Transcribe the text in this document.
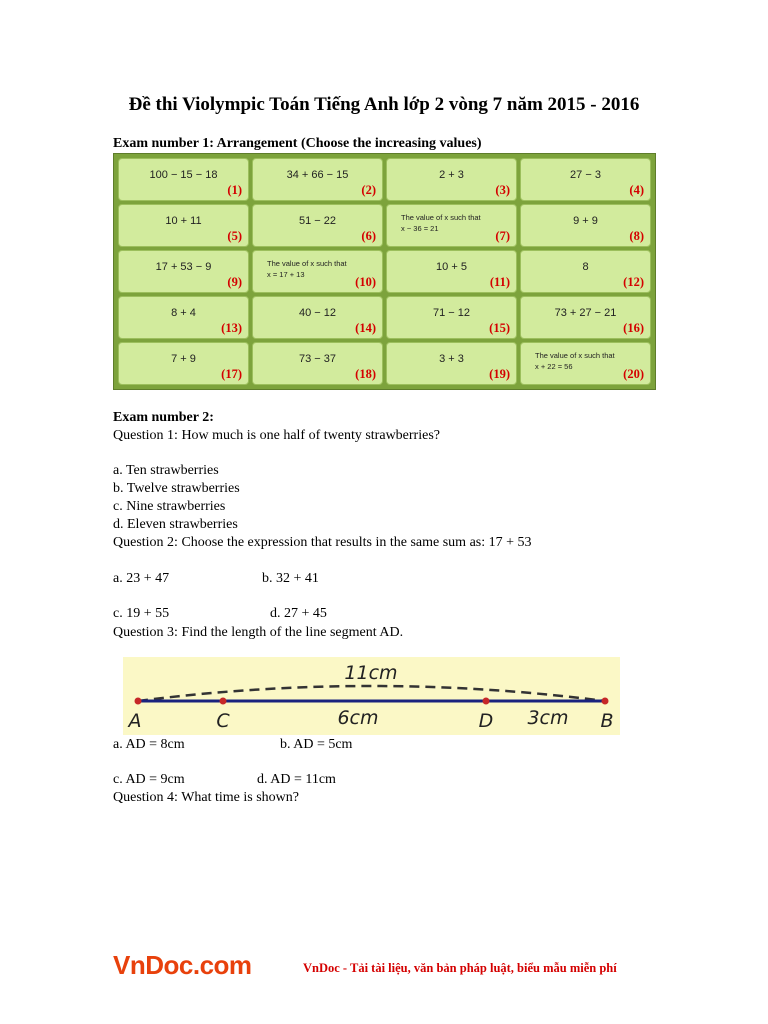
Đề thi Violympic Toán Tiếng Anh lớp 2 vòng 7 năm 2015 - 2016
Exam number 1: Arrangement (Choose the increasing values)
100 − 15 − 18
(1)
34 + 66 − 15
(2)
2 + 3
(3)
27 − 3
(4)
10 + 11
(5)
51 − 22
(6)
The value of x such that
x − 36 = 21
(7)
9 + 9
(8)
17 + 53 − 9
(9)
The value of x such that
x = 17 + 13
(10)
10 + 5
(11)
8
(12)
8 + 4
(13)
40 − 12
(14)
71 − 12
(15)
73 + 27 − 21
(16)
7 + 9
(17)
73 − 37
(18)
3 + 3
(19)
The value of x such that
x + 22 = 56
(20)
Exam number 2:
Question 1: How much is one half of twenty strawberries?
a. Ten strawberries
b. Twelve strawberries
c. Nine strawberries
d. Eleven strawberries
Question 2: Choose the expression that results in the same sum as: 17 + 53
a. 23 + 47	b. 32 + 41
c. 19 + 55	d. 27 + 45
Question 3: Find the length of the line segment AD.
11cm
A	C	D	B
6cm	3cm
a. AD = 8cm	b. AD = 5cm
c. AD = 9cm	d. AD = 11cm
Question 4: What time is shown?
VnDoc.com	VnDoc - Tải tài liệu, văn bản pháp luật, biểu mẫu miễn phí
